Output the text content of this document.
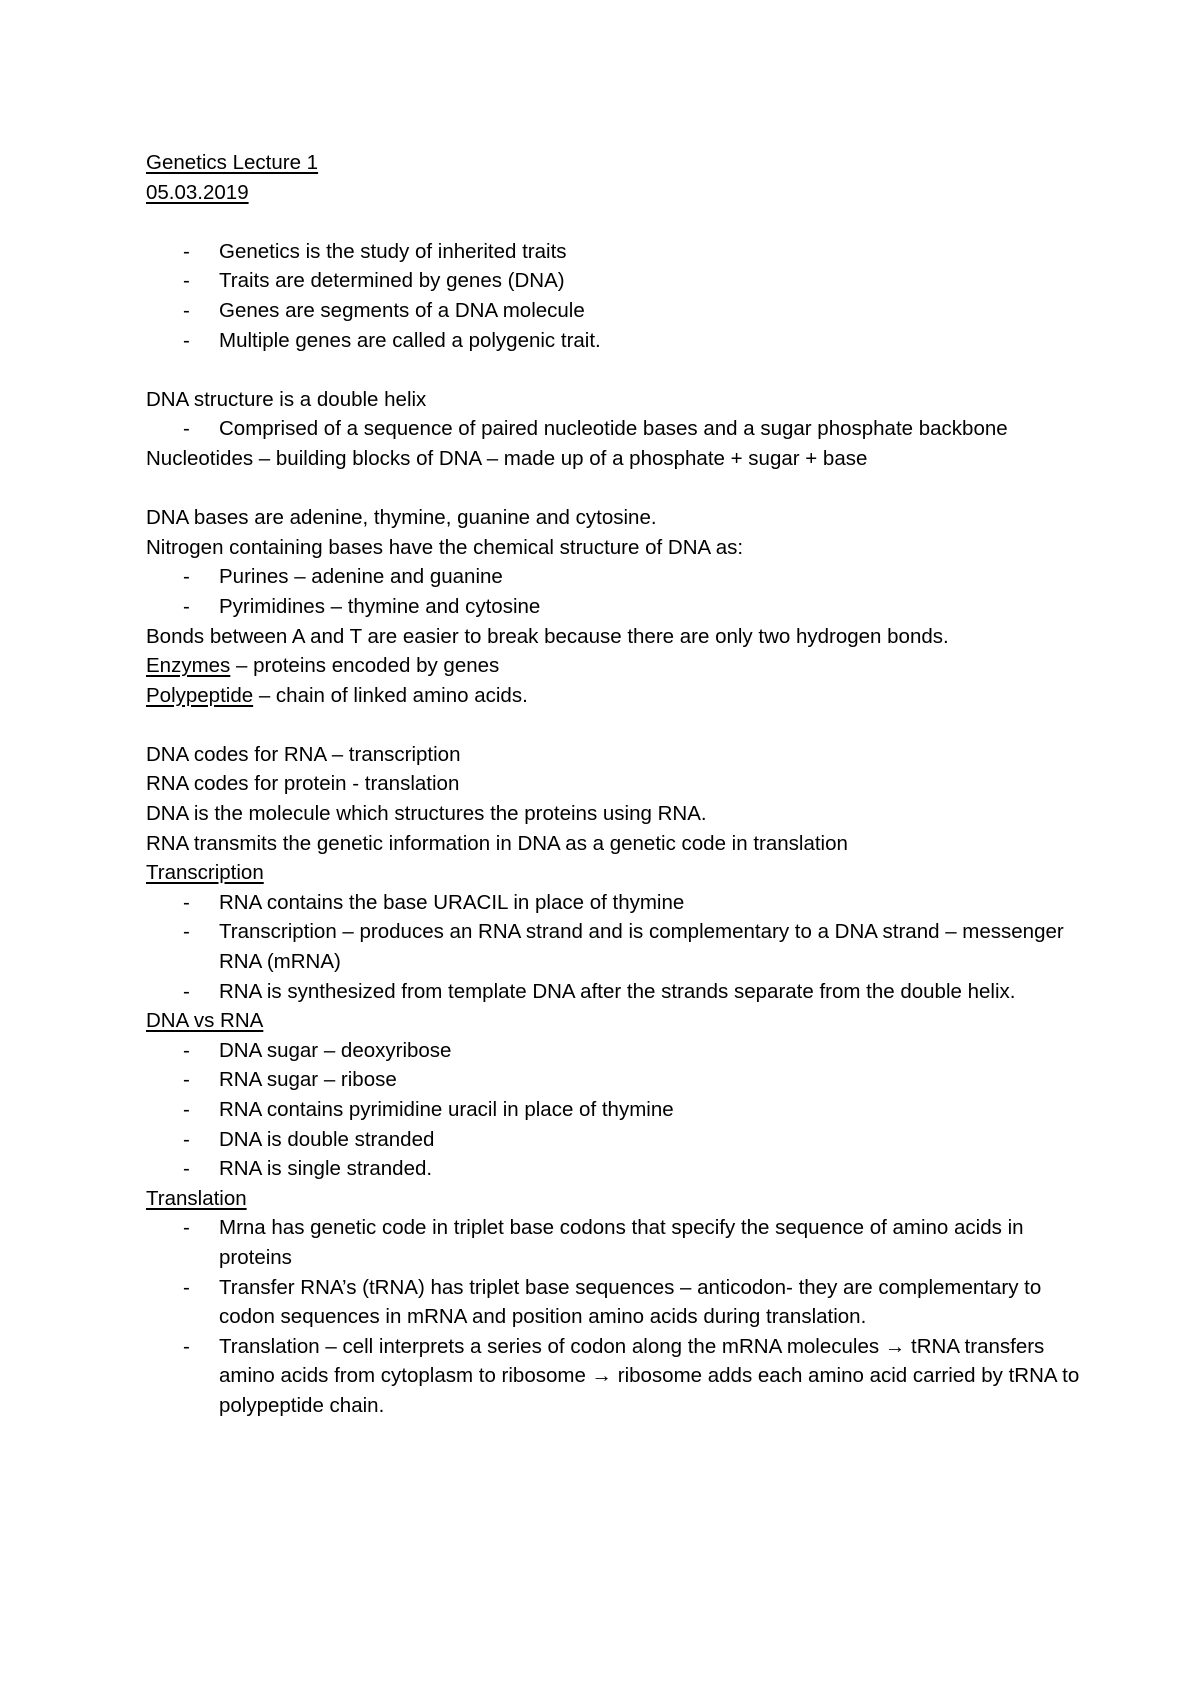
Genetics Lecture 1

05.03.2019

- Genetics is the study of inherited traits
- Traits are determined by genes (DNA)
- Genes are segments of a DNA molecule
- Multiple genes are called a polygenic trait.

DNA structure is a double helix

- Comprised of a sequence of paired nucleotide bases and a sugar phosphate backbone

Nucleotides – building blocks of DNA – made up of a phosphate + sugar + base

DNA bases are adenine, thymine, guanine and cytosine.

Nitrogen containing bases have the chemical structure of DNA as:

- Purines – adenine and guanine
- Pyrimidines – thymine and cytosine

Bonds between A and T are easier to break because there are only two hydrogen bonds.

Enzymes – proteins encoded by genes

Polypeptide – chain of linked amino acids.

DNA codes for RNA – transcription

RNA codes for protein - translation

DNA is the molecule which structures the proteins using RNA.

RNA transmits the genetic information in DNA as a genetic code in translation

Transcription

- RNA contains the base URACIL in place of thymine
- Transcription – produces an RNA strand and is complementary to a DNA strand – messenger RNA (mRNA)
- RNA is synthesized from template DNA after the strands separate from the double helix.

DNA vs RNA

- DNA sugar – deoxyribose
- RNA sugar – ribose
- RNA contains pyrimidine uracil in place of thymine
- DNA is double stranded
- RNA is single stranded.

Translation

- Mrna has genetic code in triplet base codons that specify the sequence of amino acids in proteins
- Transfer RNA’s (tRNA) has triplet base sequences – anticodon- they are complementary to codon sequences in mRNA and position amino acids during translation.
- Translation – cell interprets a series of codon along the mRNA molecules → tRNA transfers amino acids from cytoplasm to ribosome → ribosome adds each amino acid carried by tRNA to polypeptide chain.
